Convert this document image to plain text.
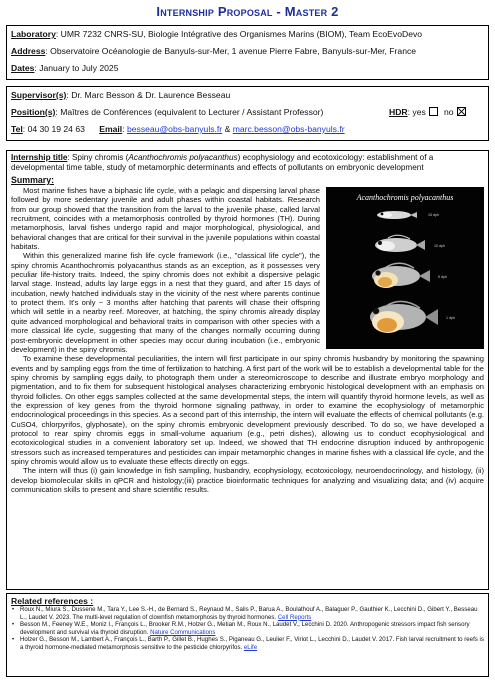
Internship Proposal - Master 2
Laboratory: UMR 7232 CNRS-SU, Biologie Intégrative des Organismes Marins (BIOM), Team EcoEvoDevo
Address: Observatoire Océanologie de Banyuls-sur-Mer, 1 avenue Pierre Fabre, Banyuls-sur-Mer, France
Dates: January to July 2025
Supervisor(s): Dr. Marc Besson & Dr. Laurence Besseau
Position(s): Maîtres de Conférences (equivalent to Lecturer / Assistant Professor)	HDR: yes no
Tel: 04 30 19 24 63 Email: besseau@obs-banyuls.fr & marc.besson@obs-banyuls.fr
Internship title: Spiny chromis (Acanthochromis polyacanthus) ecophysiology and ecotoxicology: establishment of a developmental time table, study of metamorphic determinants and effects of pollutants on embryonic development
Summary:
15 dph
10 dph
5 dph
1 dph
Acanthochromis polyacanthus

Most marine fishes have a biphasic life cycle, with a pelagic and dispersing larval phase followed by more sedentary juvenile and adult phases within coastal habitats. Research from our group showed that the transition from the larval to the juvenile phase, called larval recruitment, coincides with a metamorphosis controlled by thyroid hormones (TH). During metamorphosis, larval fishes undergo rapid and major morphological, physiological, and behavioral changes that are critical for their survival in the juvenile populations within coastal habitats.

Within this generalized marine fish life cycle framework (i.e., "classical life cycle"), the spiny chromis Acanthochromis polyacanthus stands as an exception, as it possesses very peculiar life-history traits. Indeed, the spiny chromis does not exhibit a dispersive pelagic larval stage. Instead, adults lay large eggs in a nest that they guard, and after 15 days of incubation, newly hatched individuals stay in the vicinity of the nest where parents continue to protect them. It's only ~ 3 months after hatching that parents will chase their offspring which will settle in a nearby reef. Moreover, at hatching, the spiny chromis already display quite advanced morphological and behavioral traits in comparison with other species with a more classical life cycle, suggesting that many of the changes normally occurring during post-embryonic development in other species may occur during incubation (i.e., embryonic development) in the spiny chromis.

To examine these developmental peculiarities, the intern will first participate in our spiny chromis husbandry by monitoring the spawning events and by sampling eggs from the time of fertilization to hatching. A first part of the work will be to establish a developmental table for the spiny chromis by sampling eggs daily, to photograph them under a stereomicroscope to describe and illustrate embryo morphology and pigmentation, and to fix them for subsequent histological analyses characterizing embryonic histological development with an emphasis on thyroid follicles. On other eggs samples collected at the same developmental steps, the intern will quantify thyroid hormone levels, as well as the expression of key genes from the thyroid hormone signaling pathway, in order to examine the ecophysiology of metamorphic endocrinological proceedings in this species. As a second part of this internship, the intern will evaluate the effects of chemical pollutants (e.g. CuSO4, chlorpyrifos, glyphosate), on the spiny chromis embryonic development previously described. To do so, we have developed a protocol to rear spiny chromis eggs in small-volume aquarium (e.g., petri dishes), allowing us to conduct ecophysiological and ecotoxicological studies in a convenient laboratory set up. Indeed, we showed that TH endocrine disruption induced by anthropogenic stressors such as increased temperatures and pesticides can impair metamorphic changes in marine fishes with a classical life cycle, and the spiny chromis would allow us to evaluate these effects directly on eggs.

The intern will thus (i) gain knowledge in fish sampling, husbandry, ecophysiology, ecotoxicology, neuroendocrinology, and histology, (ii) develop biomolecular skills in qPCR and histology;(iii) practice bioinformatic techniques for analyzing and visualizing data; and (iv) acquire communication skills to present and share scientific results.

Related references :
• Roux N., Miura S., Dussene M., Tara Y., Lee S.-H., de Bernard S., Reynaud M., Salis P., Barua A., Boulathouf A., Balaguer P., Gauthier K., Lecchini D., Gibert Y., Besseau L., Laudet V. 2023. The multi-level regulation of clownfish metamorphosis by thyroid hormones. Cell Reports
• Besson M., Feeney W.E., Moniz I., François L., Brooker R.M., Holzer G., Metian M., Roux N., Laudet V., Lecchini D. 2020. Anthropogenic stressors impact fish sensory development and survival via thyroid disruption. Nature Communications
• Holzer G., Besson M., Lambert A., François L., Barth P., Gillet B., Hughes S., Piganeau G., Leulier F., Viriot L., Lecchini D., Laudet V. 2017. Fish larval recruitment to reefs is a thyroid hormone-mediated metamorphosis sensitive to the pesticide chlorpyrifos. eLife
